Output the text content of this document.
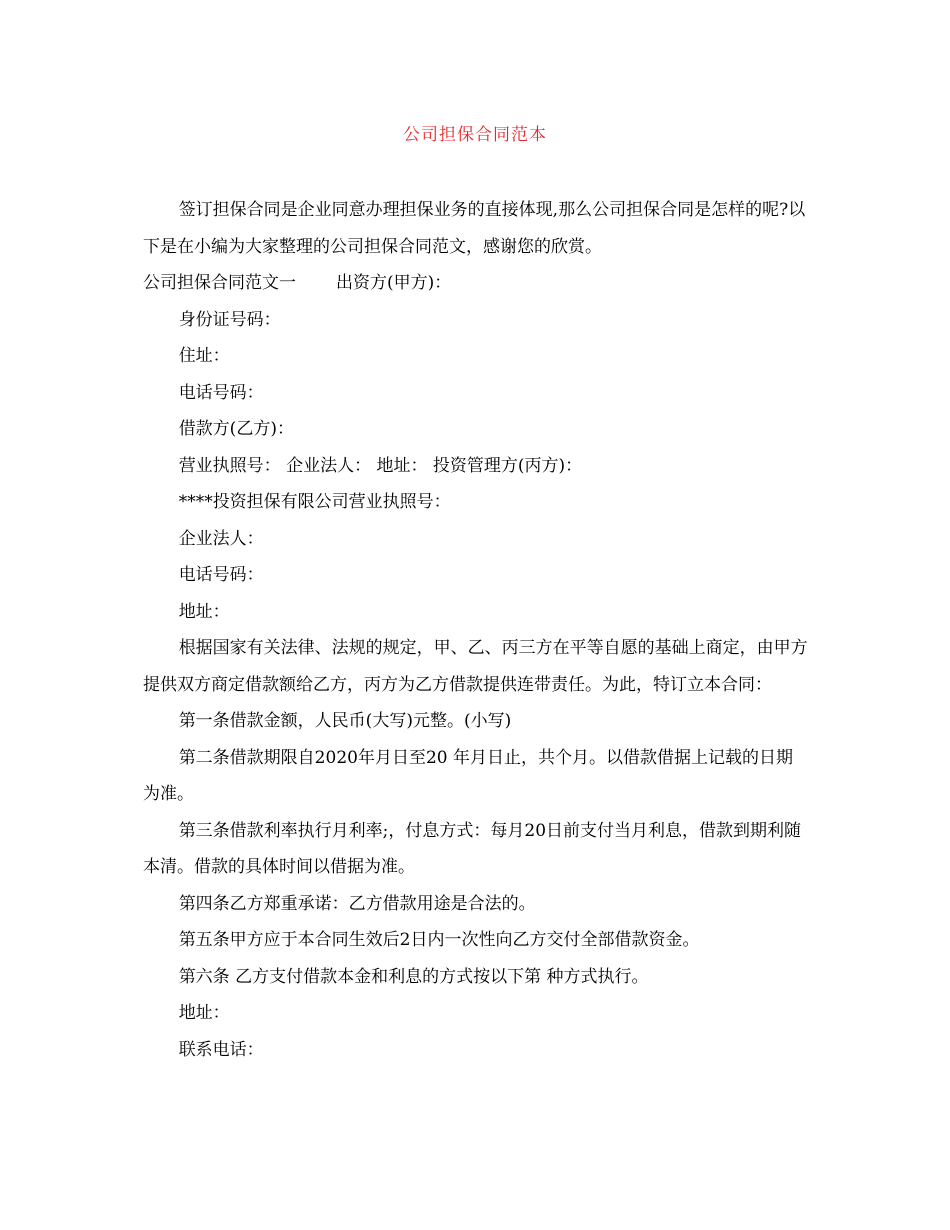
公司担保合同范本

签订担保合同是企业同意办理担保业务的直接体现,那么公司担保合同是怎样的呢?以下是在小编为大家整理的公司担保合同范文，感谢您的欣赏。

公司担保合同范文一 出资方(甲方)：

身份证号码：

住址：

电话号码：

借款方(乙方)：

营业执照号： 企业法人： 地址： 投资管理方(丙方)：

****投资担保有限公司营业执照号：

企业法人：

电话号码：

地址：

根据国家有关法律、法规的规定，甲、乙、丙三方在平等自愿的基础上商定，由甲方提供双方商定借款额给乙方，丙方为乙方借款提供连带责任。为此，特订立本合同：

第一条借款金额，人民币(大写)元整。(小写)

第二条借款期限自2020年月日至20 年月日止，共个月。以借款借据上记载的日期为准。

第三条借款利率执行月利率;，付息方式：每月20日前支付当月利息，借款到期利随本清。借款的具体时间以借据为准。

第四条乙方郑重承诺：乙方借款用途是合法的。

第五条甲方应于本合同生效后2日内一次性向乙方交付全部借款资金。

第六条 乙方支付借款本金和利息的方式按以下第 种方式执行。

地址：

联系电话：
